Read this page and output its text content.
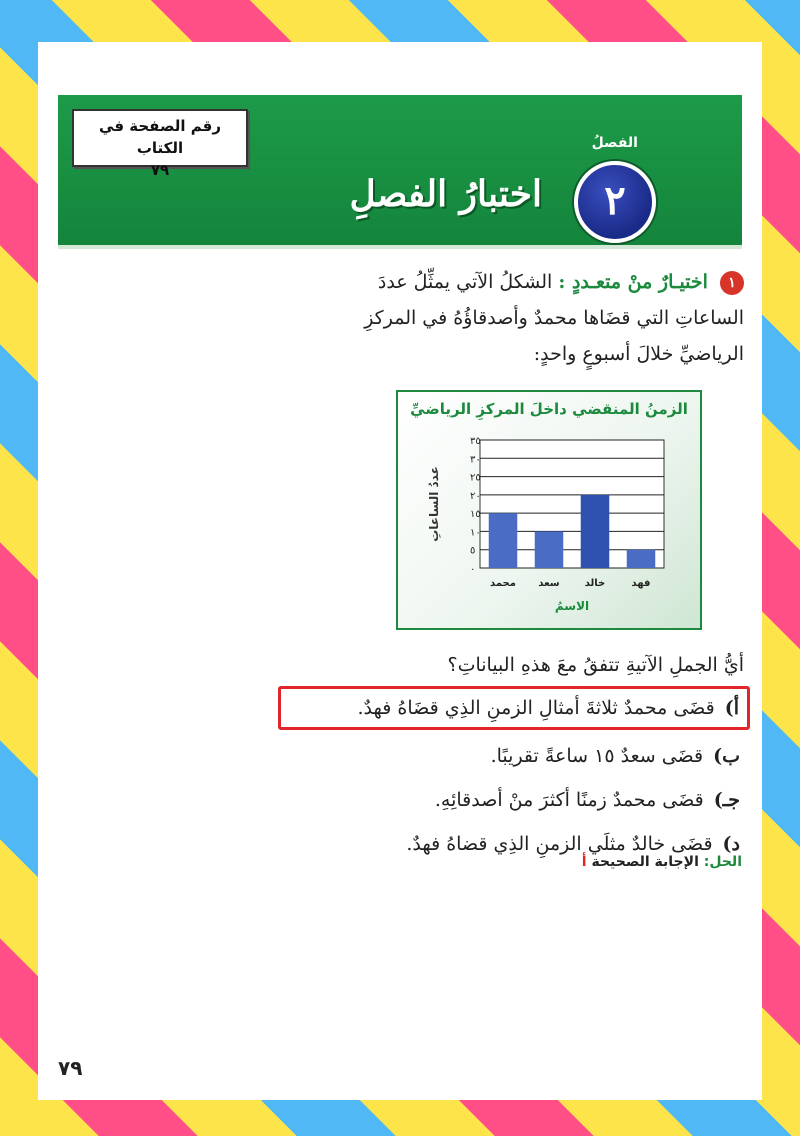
رقم الصفحة في الكتاب
٧٩
الفصلُ
٢
اختبارُ الفصلِ
١ اختيـارٌ منْ متعـددٍ : الشكلُ الآتي يمثِّلُ عددَ الساعاتِ التي قضَاها محمدٌ وأصدقاؤُهُ في المركزِ الرياضيِّ خلالَ أسبوعٍ واحدٍ:
الزمنُ المنقضي داخلَ المركزِ الرياضيِّ
٠
٥
١٠
١٥
٢٠
٢٥
٣٠
٣٥
محمد سعد	خالد	فهد
الاسمُ
عددُ الساعاتِ
أيُّ الجملِ الآتيةِ تتفقُ معَ هذهِ البياناتِ؟
أ)قضَى محمدٌ ثلاثةَ أمثالِ الزمنِ الذِي قضَاهُ فهدٌ.
ب)قضَى سعدٌ ١٥ ساعةً تقريبًا.
جـ)قضَى محمدٌ زمنًا أكثرَ منْ أصدقائِهِ.
د)قضَى خالدٌ مثلَي الزمنِ الذِي قضاهُ فهدٌ.
الحل: الإجابة الصحيحة أ
٧٩
